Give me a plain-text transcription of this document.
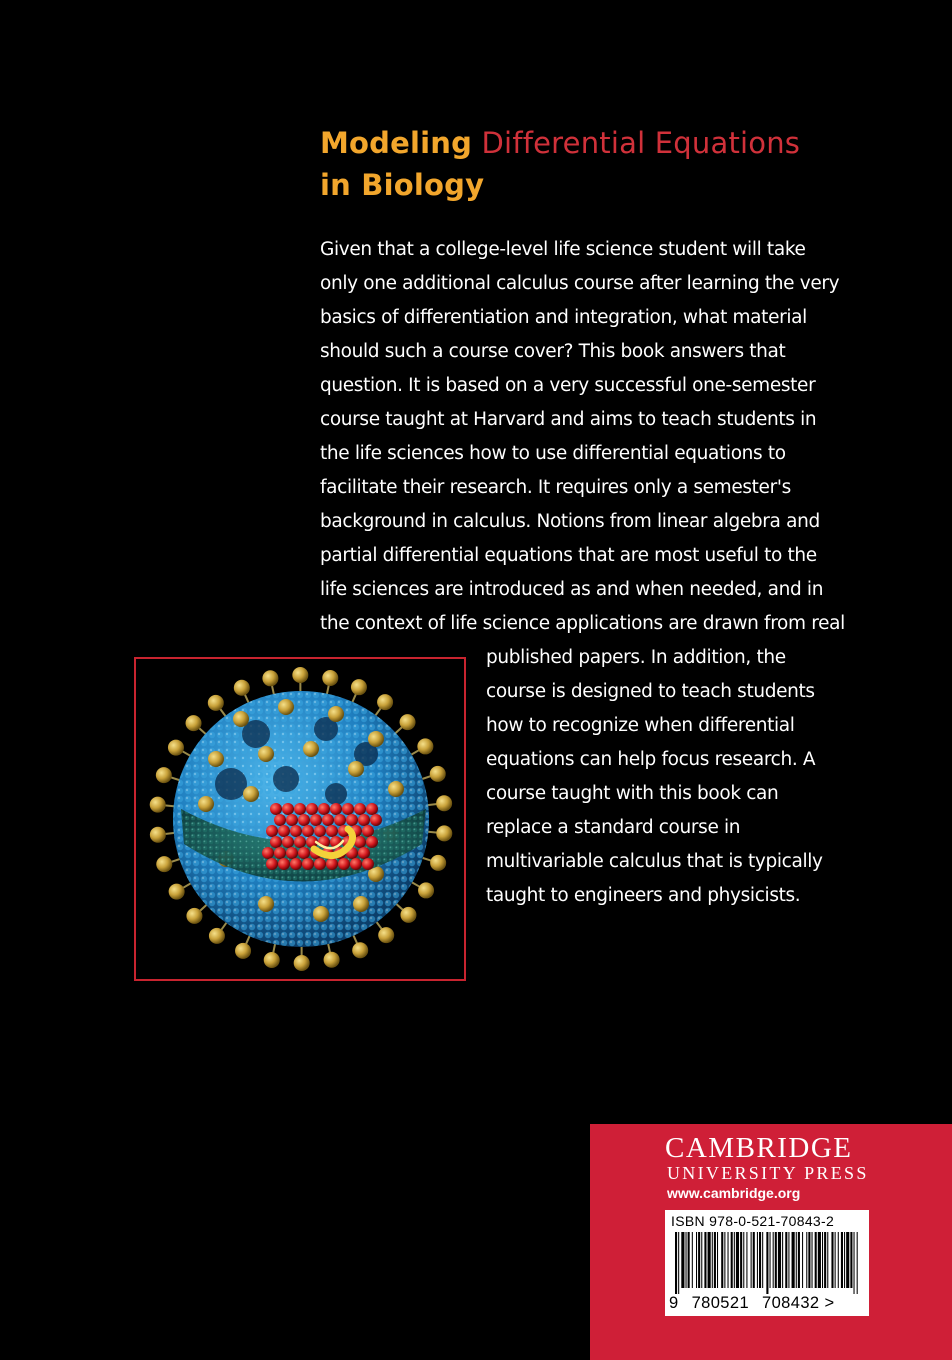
Modeling Differential Equations
in Biology
Given that a college-level life science student will take
only one additional calculus course after learning the very
basics of differentiation and integration, what material
should such a course cover? This book answers that
question. It is based on a very successful one-semester
course taught at Harvard and aims to teach students in
the life sciences how to use differential equations to
facilitate their research. It requires only a semester's
background in calculus. Notions from linear algebra and
partial differential equations that are most useful to the
life sciences are introduced as and when needed, and in
the context of life science applications are drawn from real
published papers. In addition, the
course is designed to teach students
how to recognize when differential
equations can help focus research. A
course taught with this book can
replace a standard course in
multivariable calculus that is typically
taught to engineers and physicists.
CAMBRIDGE
UNIVERSITY PRESS
www.cambridge.org
ISBN 978-0-521-70843-2
9 780521 708432 >
